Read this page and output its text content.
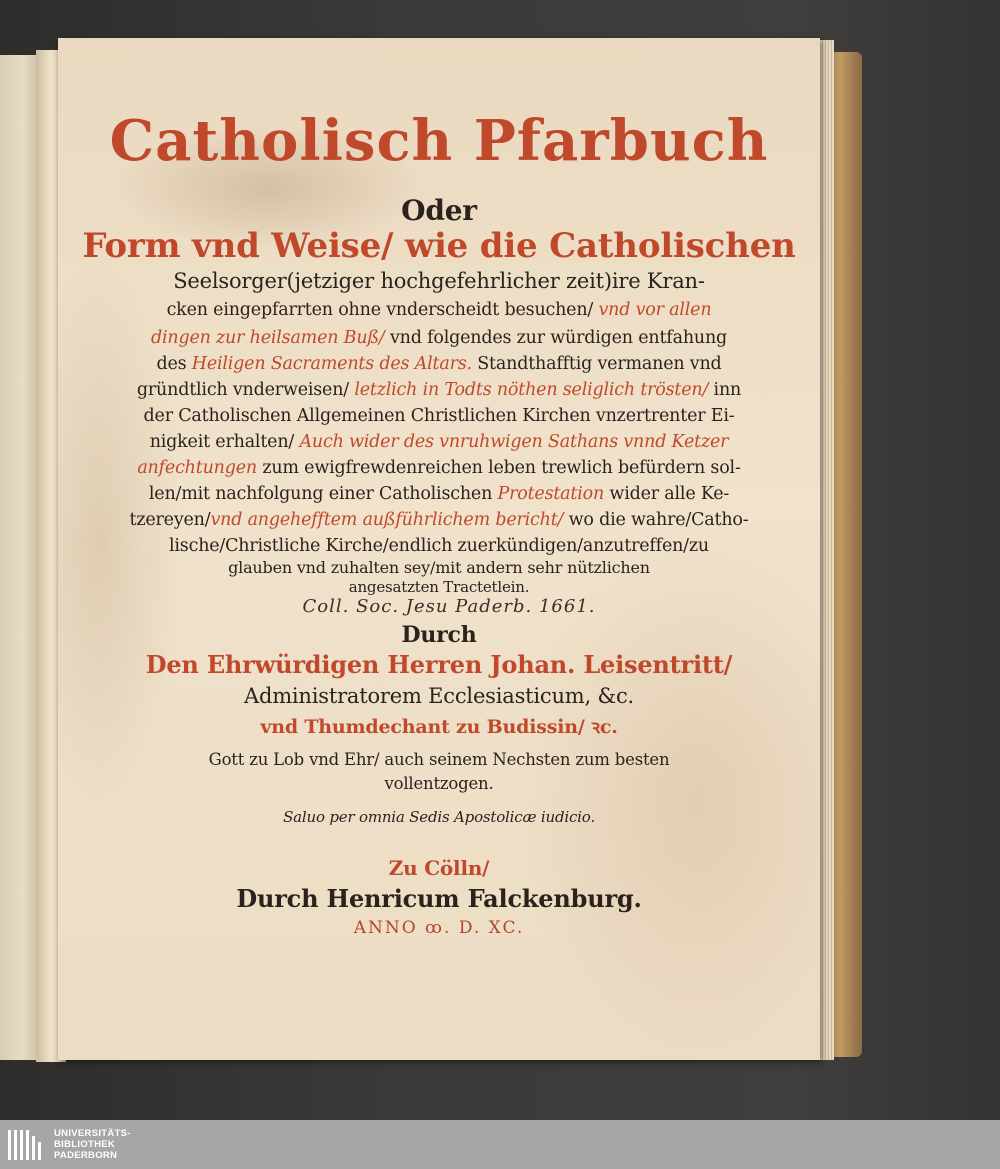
Catholisch Pfarbuch
Oder
Form vnd Weise/ wie die Catholischen
Seelsorger(jetziger hochgefehrlicher zeit)ire Kran-
cken eingepfarrten ohne vnderscheidt besuchen/ vnd vor allen
dingen zur heilsamen Buß/ vnd folgendes zur würdigen entfahung
des Heiligen Sacraments des Altars. Standthafftig vermanen vnd
gründtlich vnderweisen/ letzlich in Todts nöthen seliglich trösten/ inn
der Catholischen Allgemeinen Christlichen Kirchen vnzertrenter Ei-
nigkeit erhalten/ Auch wider des vnruhwigen Sathans vnnd Ketzer
anfechtungen zum ewigfrewdenreichen leben trewlich befürdern sol-
len/mit nachfolgung einer Catholischen Protestation wider alle Ke-
tzereyen/vnd angehefftem außführlichem bericht/ wo die wahre/Catho-
lische/Christliche Kirche/endlich zuerkündigen/anzutreffen/zu
glauben vnd zuhalten sey/mit andern sehr nützlichen
angesatzten Tractetlein.
Coll. Soc. Jesu Paderb. 1661.
Durch
Den Ehrwürdigen Herren Johan. Leisentritt/
Administratorem Ecclesiasticum, &c.
vnd Thumdechant zu Budissin/ ꝛc.
Gott zu Lob vnd Ehr/ auch seinem Nechsten zum besten
vollentzogen.
Saluo per omnia Sedis Apostolicæ iudicio.
Zu Cölln/
Durch Henricum Falckenburg.
ANNO ꝏ. D. XC.
UNIVERSITÄTS-
BIBLIOTHEK
PADERBORN
